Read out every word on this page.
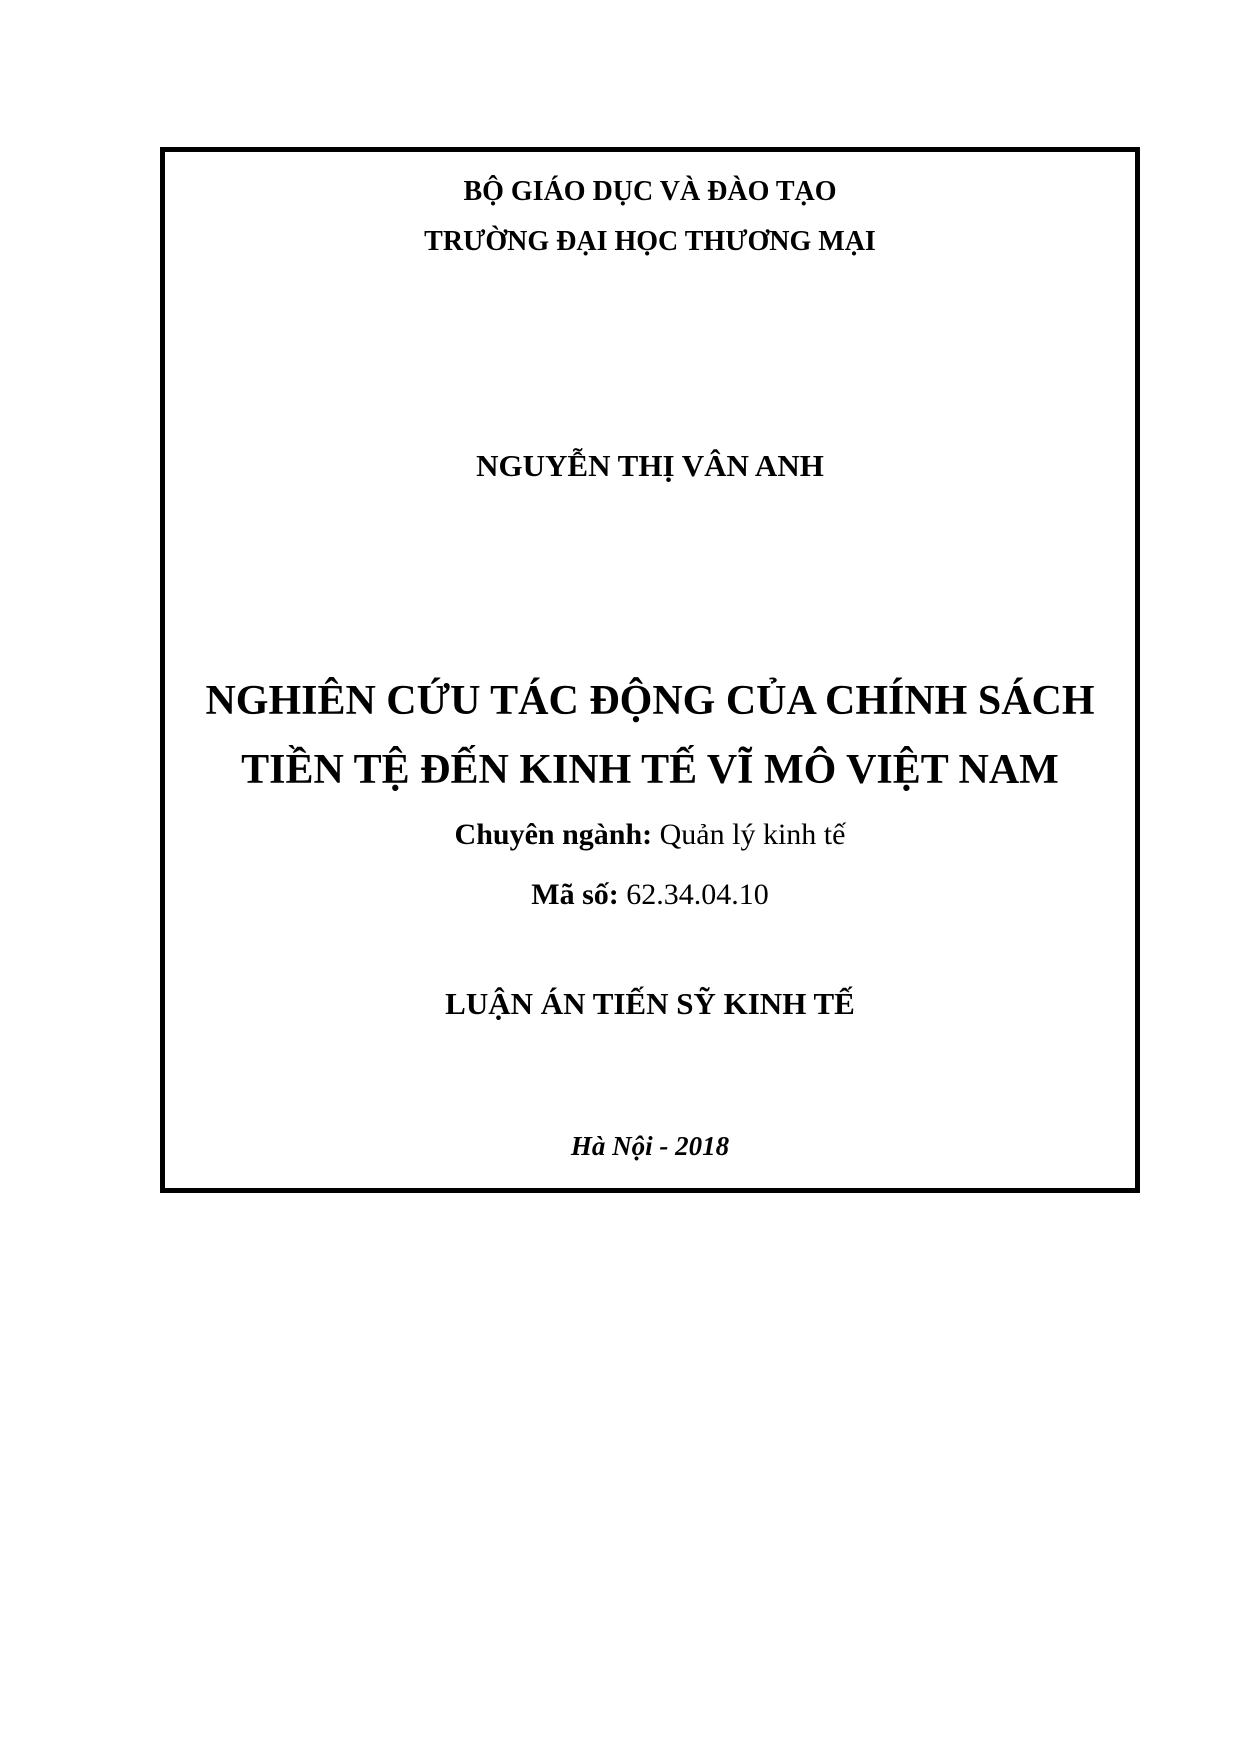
BỘ GIÁO DỤC VÀ ĐÀO TẠO
TRƯỜNG ĐẠI HỌC THƯƠNG MẠI
NGUYỄN THỊ VÂN ANH
NGHIÊN CỨU TÁC ĐỘNG CỦA CHÍNH SÁCH
TIỀN TỆ ĐẾN KINH TẾ VĨ MÔ VIỆT NAM
Chuyên ngành: Quản lý kinh tế
Mã số: 62.34.04.10
LUẬN ÁN TIẾN SỸ KINH TẾ
Hà Nội - 2018
